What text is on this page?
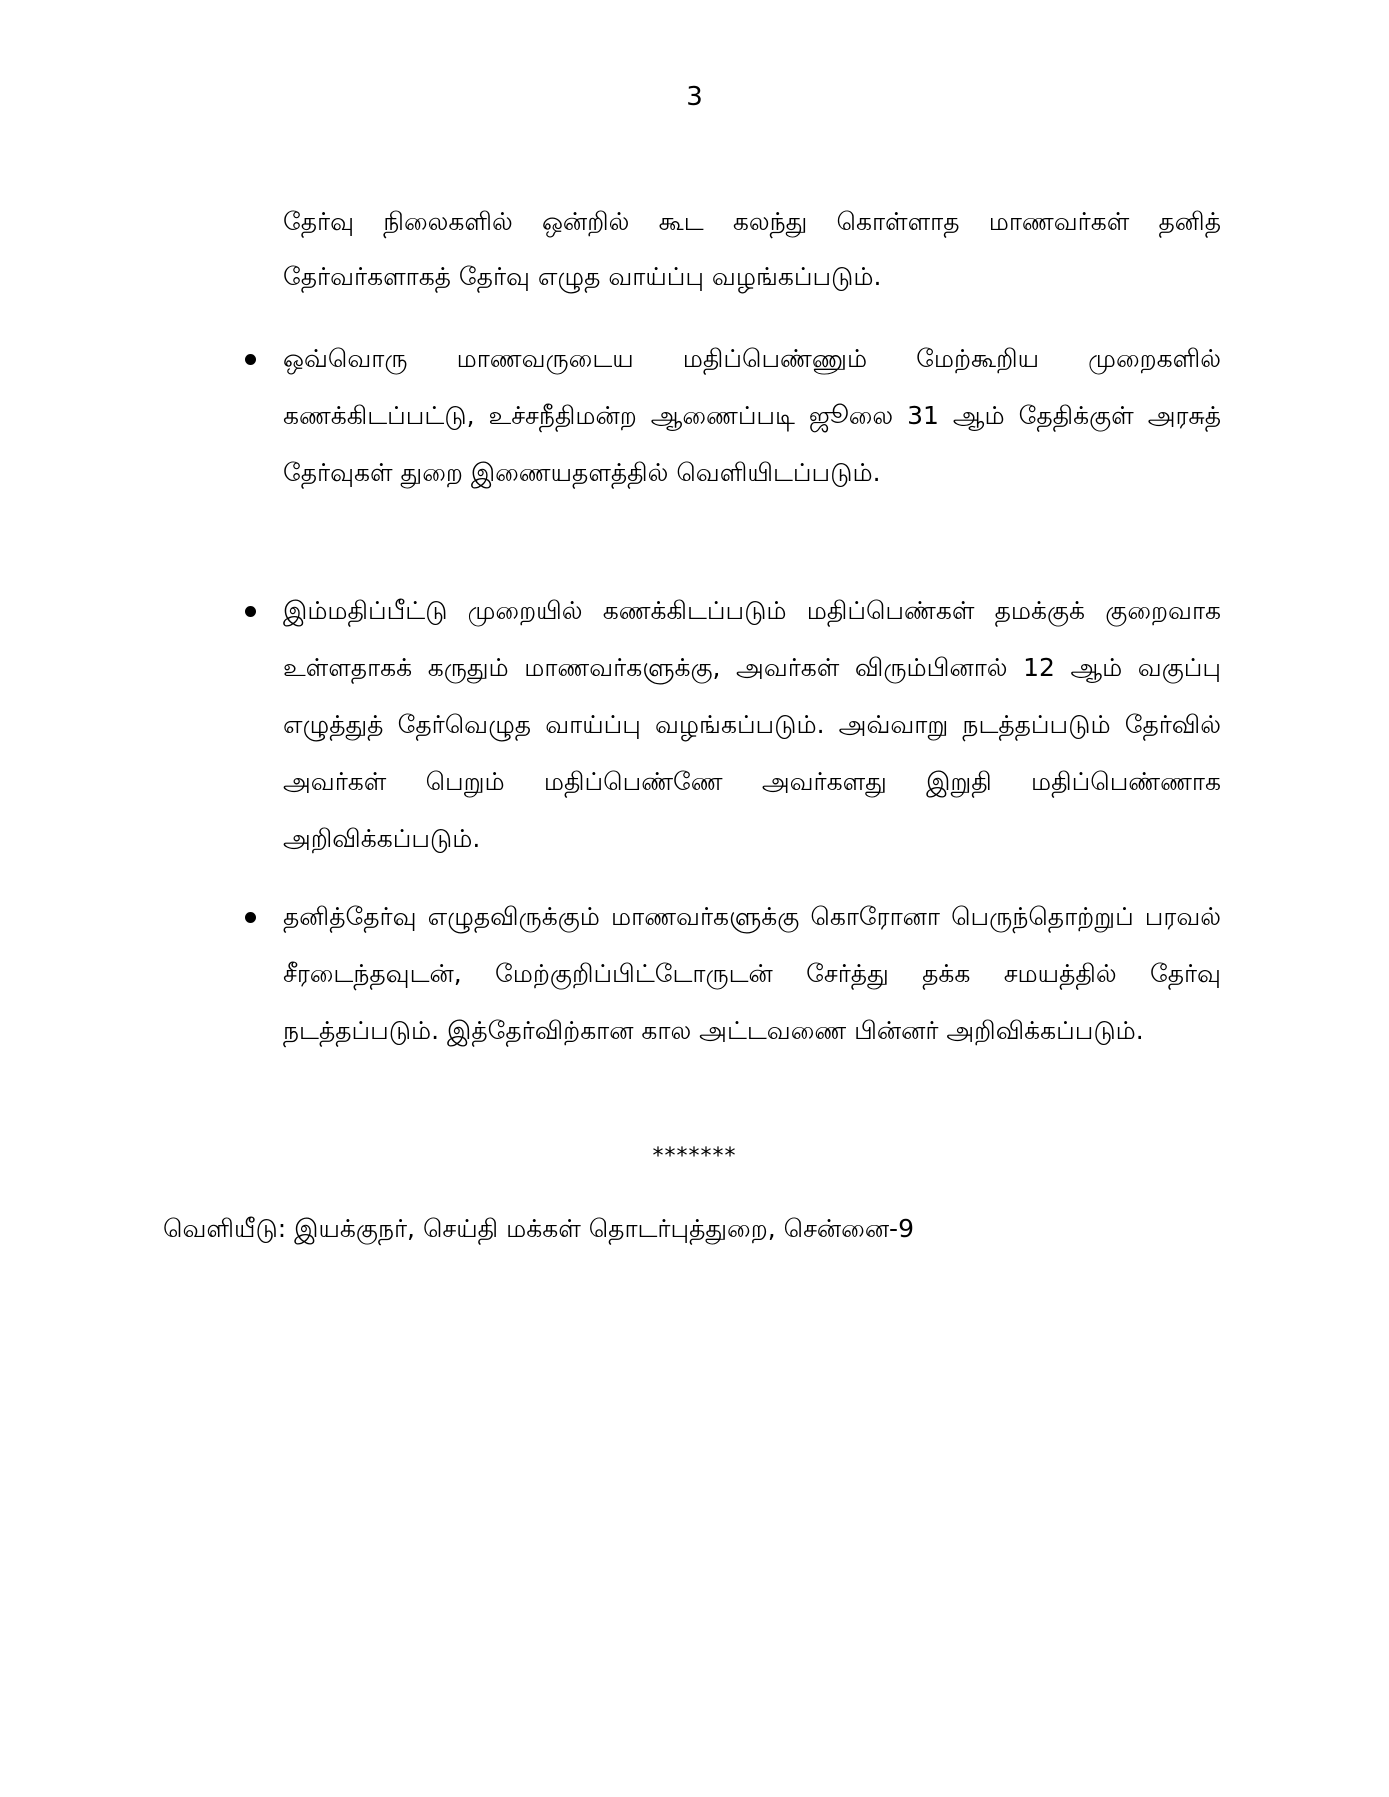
3

தேர்வு நிலைகளில் ஒன்றில் கூட கலந்து கொள்ளாத மாணவர்கள் தனித் தேர்வர்களாகத் தேர்வு எழுத வாய்ப்பு வழங்கப்படும்.

ஒவ்வொரு மாணவருடைய மதிப்பெண்ணும் மேற்கூறிய முறைகளில் கணக்கிடப்பட்டு, உச்சநீதிமன்ற ஆணைப்படி ஜூலை 31 ஆம் தேதிக்குள் அரசுத் தேர்வுகள் துறை இணையதளத்தில் வெளியிடப்படும்.
இம்மதிப்பீட்டு முறையில் கணக்கிடப்படும் மதிப்பெண்கள் தமக்குக் குறைவாக உள்ளதாகக் கருதும் மாணவர்களுக்கு, அவர்கள் விரும்பினால் 12 ஆம் வகுப்பு எழுத்துத் தேர்வெழுத வாய்ப்பு வழங்கப்படும். அவ்வாறு நடத்தப்படும் தேர்வில் அவர்கள் பெறும் மதிப்பெண்ணே அவர்களது இறுதி மதிப்பெண்ணாக அறிவிக்கப்படும்.
தனித்தேர்வு எழுதவிருக்கும் மாணவர்களுக்கு கொரோனா பெருந்தொற்றுப் பரவல் சீரடைந்தவுடன், மேற்குறிப்பிட்டோருடன் சேர்த்து தக்க சமயத்தில் தேர்வு நடத்தப்படும். இத்தேர்விற்கான கால அட்டவணை பின்னர் அறிவிக்கப்படும்.
*******
வெளியீடு: இயக்குநர், செய்தி மக்கள் தொடர்புத்துறை, சென்னை-9
